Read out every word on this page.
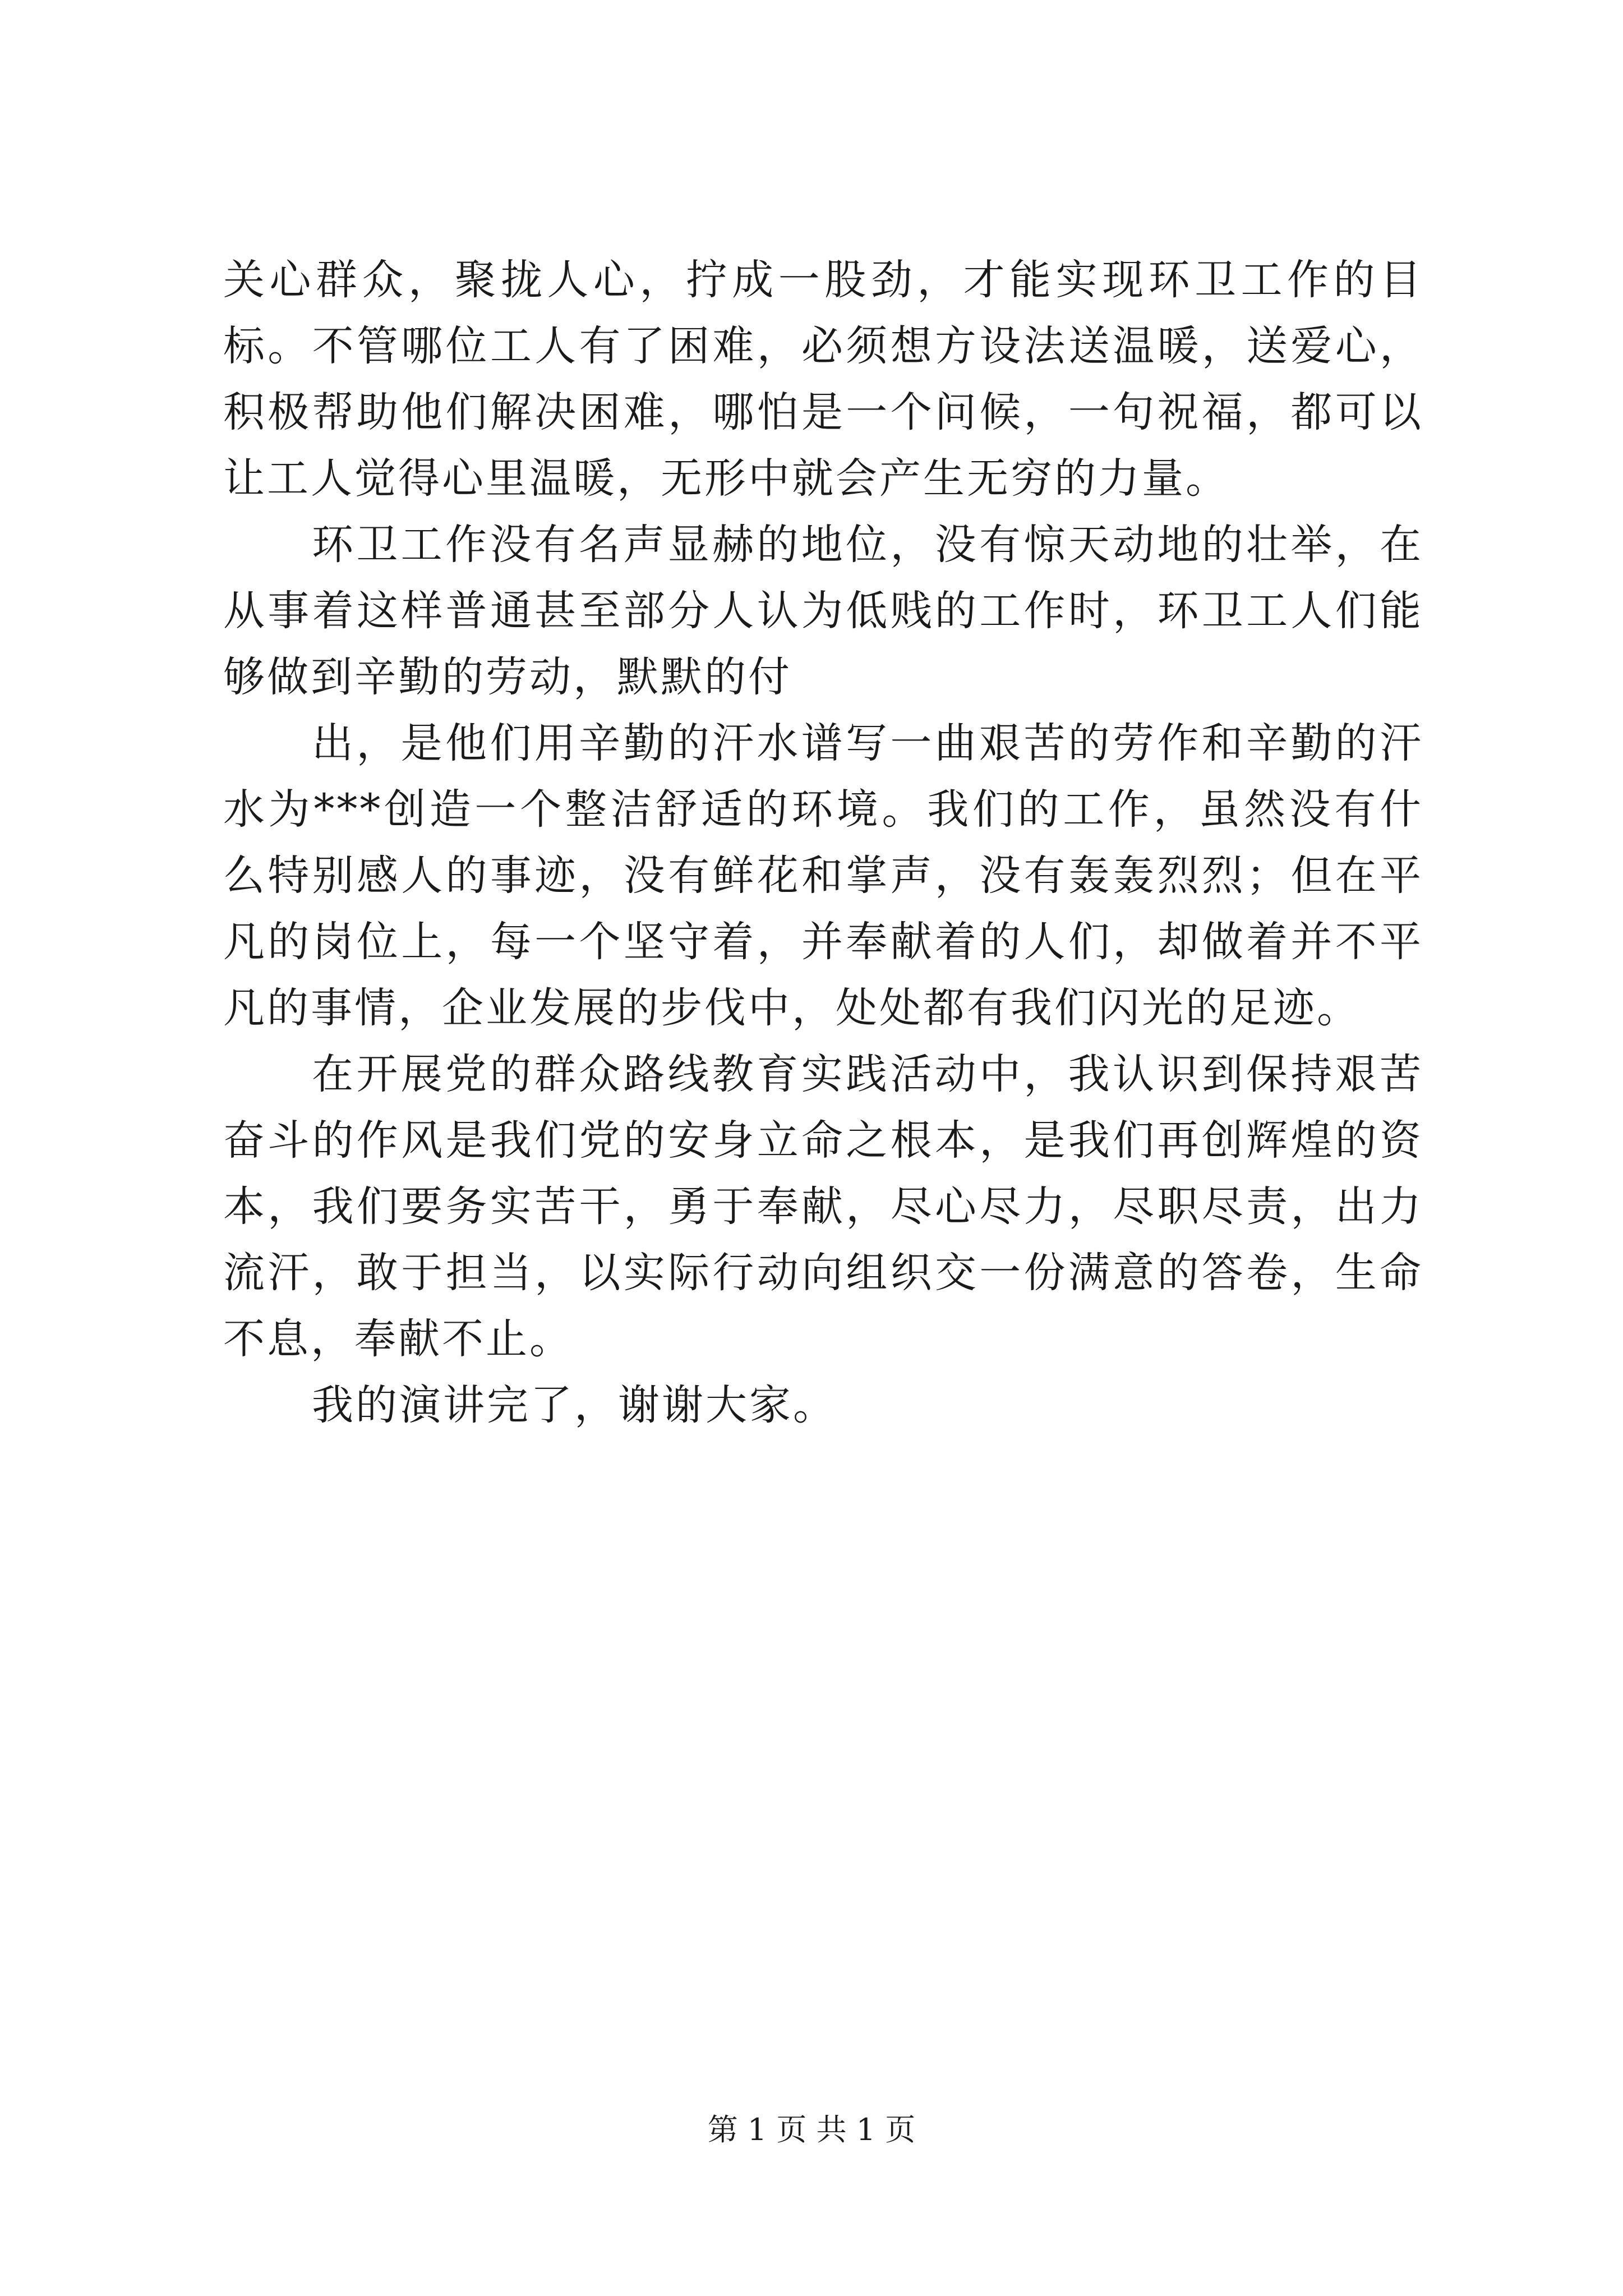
关心群众，聚拢人心，拧成一股劲，才能实现环卫工作的目标。不管哪位工人有了困难，必须想方设法送温暖，送爱心，积极帮助他们解决困难，哪怕是一个问候，一句祝福，都可以让工人觉得心里温暖，无形中就会产生无穷的力量。

环卫工作没有名声显赫的地位，没有惊天动地的壮举，在从事着这样普通甚至部分人认为低贱的工作时，环卫工人们能够做到辛勤的劳动，默默的付

出，是他们用辛勤的汗水谱写一曲艰苦的劳作和辛勤的汗水为***创造一个整洁舒适的环境。我们的工作，虽然没有什么特别感人的事迹，没有鲜花和掌声，没有轰轰烈烈；但在平凡的岗位上，每一个坚守着，并奉献着的人们，却做着并不平凡的事情，企业发展的步伐中，处处都有我们闪光的足迹。

在开展党的群众路线教育实践活动中，我认识到保持艰苦奋斗的作风是我们党的安身立命之根本，是我们再创辉煌的资本，我们要务实苦干，勇于奉献，尽心尽力，尽职尽责，出力流汗，敢于担当，以实际行动向组织交一份满意的答卷，生命不息，奉献不止。

我的演讲完了，谢谢大家。

第 1 页 共 1 页
